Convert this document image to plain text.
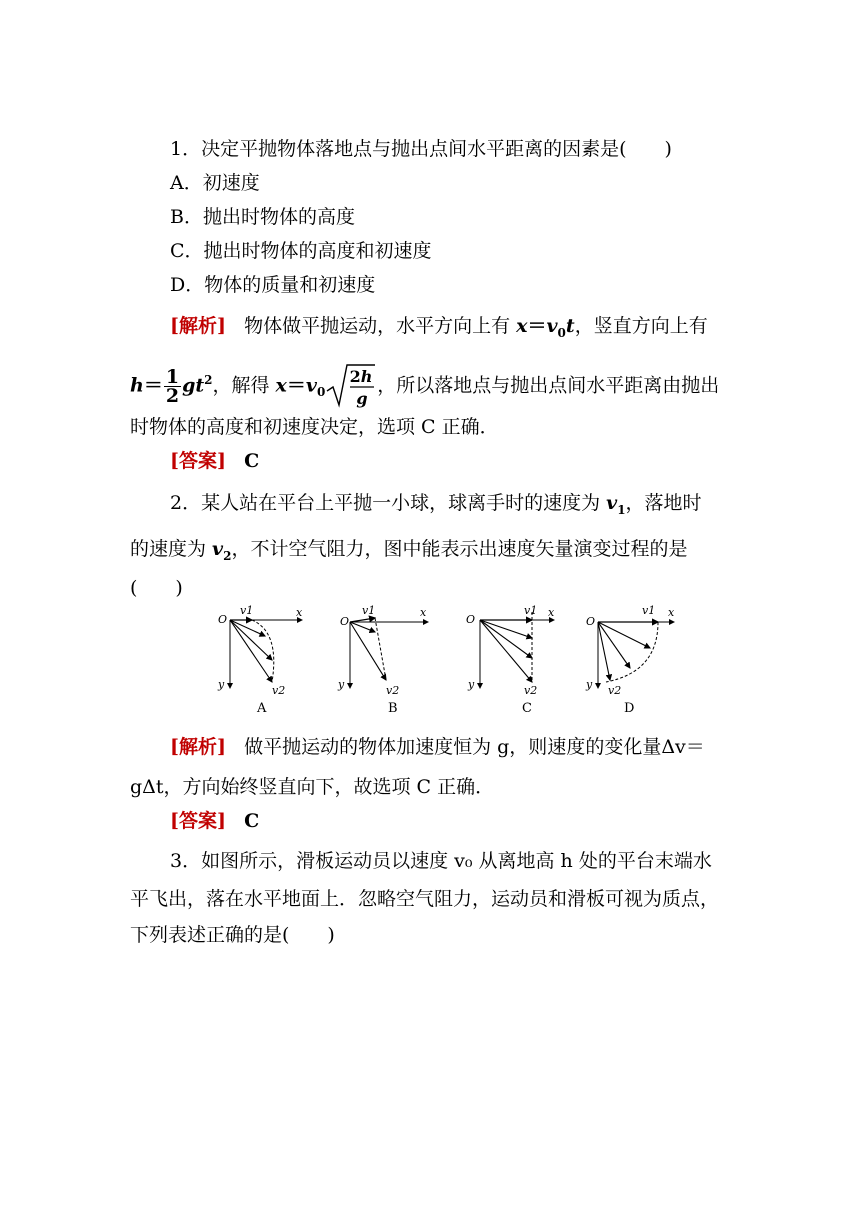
1．决定平抛物体落地点与抛出点间水平距离的因素是(　　)
A．初速度
B．抛出时物体的高度
C．抛出时物体的高度和初速度
D．物体的质量和初速度
[解析] 物体做平抛运动，水平方向上有 $x=v_0t$，竖直方向上有
$h= \frac{1}{2} gt^2$，解得 $x=v_0$
2h
g
，所以落地点与抛出点间水平距离由抛出
时物体的高度和初速度决定，选项 C 正确．
[答案] C
2．某人站在平台上平抛一小球，球离手时的速度为 $v_1$，落地时
的速度为 $v_2$，不计空气阻力，图中能表示出速度矢量演变过程的是
(　　)
O
x
y
v1
v2
A
O
x
y
v1
v2
B
O
x
y
v1
v2
C
O
x
y
v1
v2
D
[解析] 做平抛运动的物体加速度恒为 g，则速度的变化量Δv＝
gΔt，方向始终竖直向下，故选项 C 正确．
[答案] C
3．如图所示，滑板运动员以速度 v₀ 从离地高 h 处的平台末端水
平飞出，落在水平地面上．忽略空气阻力，运动员和滑板可视为质点，
下列表述正确的是(　　)
